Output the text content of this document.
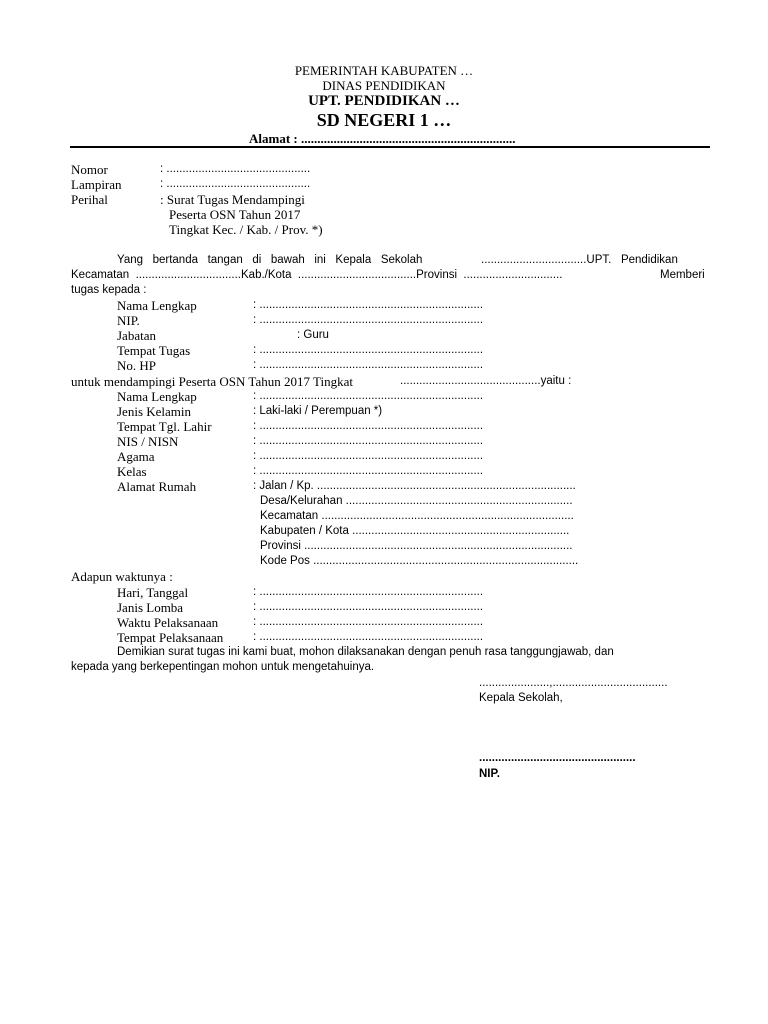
PEMERINTAH KABUPATEN …
DINAS PENDIDIKAN
UPT. PENDIDIKAN …
SD NEGERI 1 …
Alamat : ..................................................................
Nomor	: .............................................
Lampiran	: .............................................
Perihal	: Surat Tugas Mendampingi
Peserta OSN Tahun 2017
Tingkat Kec. / Kab. / Prov. *)
Yang   bertanda   tangan   di   bawah   ini   Kepala   Sekolah	.................................UPT.   Pendidikan
Kecamatan  .................................Kab./Kota  .....................................Provinsi  ...............................	Memberi
tugas kepada :
Nama Lengkap	: ......................................................................
NIP.	: ......................................................................
Jabatan	: Guru
Tempat Tugas	: ......................................................................
No. HP	: ......................................................................
untuk mendampingi Peserta OSN Tahun 2017 Tingkat	............................................yaitu :
Nama Lengkap	: ......................................................................
Jenis Kelamin	: Laki-laki / Perempuan *)
Tempat Tgl. Lahir	: ......................................................................
NIS / NISN	: ......................................................................
Agama	: ......................................................................
Kelas	: ......................................................................
Alamat Rumah	: Jalan / Kp. .................................................................................
Desa/Kelurahan .......................................................................
Kecamatan ...............................................................................
Kabupaten / Kota ....................................................................
Provinsi ....................................................................................
Kode Pos ...................................................................................
Adapun waktunya :
Hari, Tanggal	: ......................................................................
Janis Lomba	: ......................................................................
Waktu Pelaksanaan	: ......................................................................
Tempat Pelaksanaan	: ......................................................................
Demikian surat tugas ini kami buat, mohon dilaksanakan dengan penuh rasa tanggungjawab, dan
kepada yang berkepentingan mohon untuk mengetahuinya.
......................,....................................
Kepala Sekolah,
.................................................
NIP.
